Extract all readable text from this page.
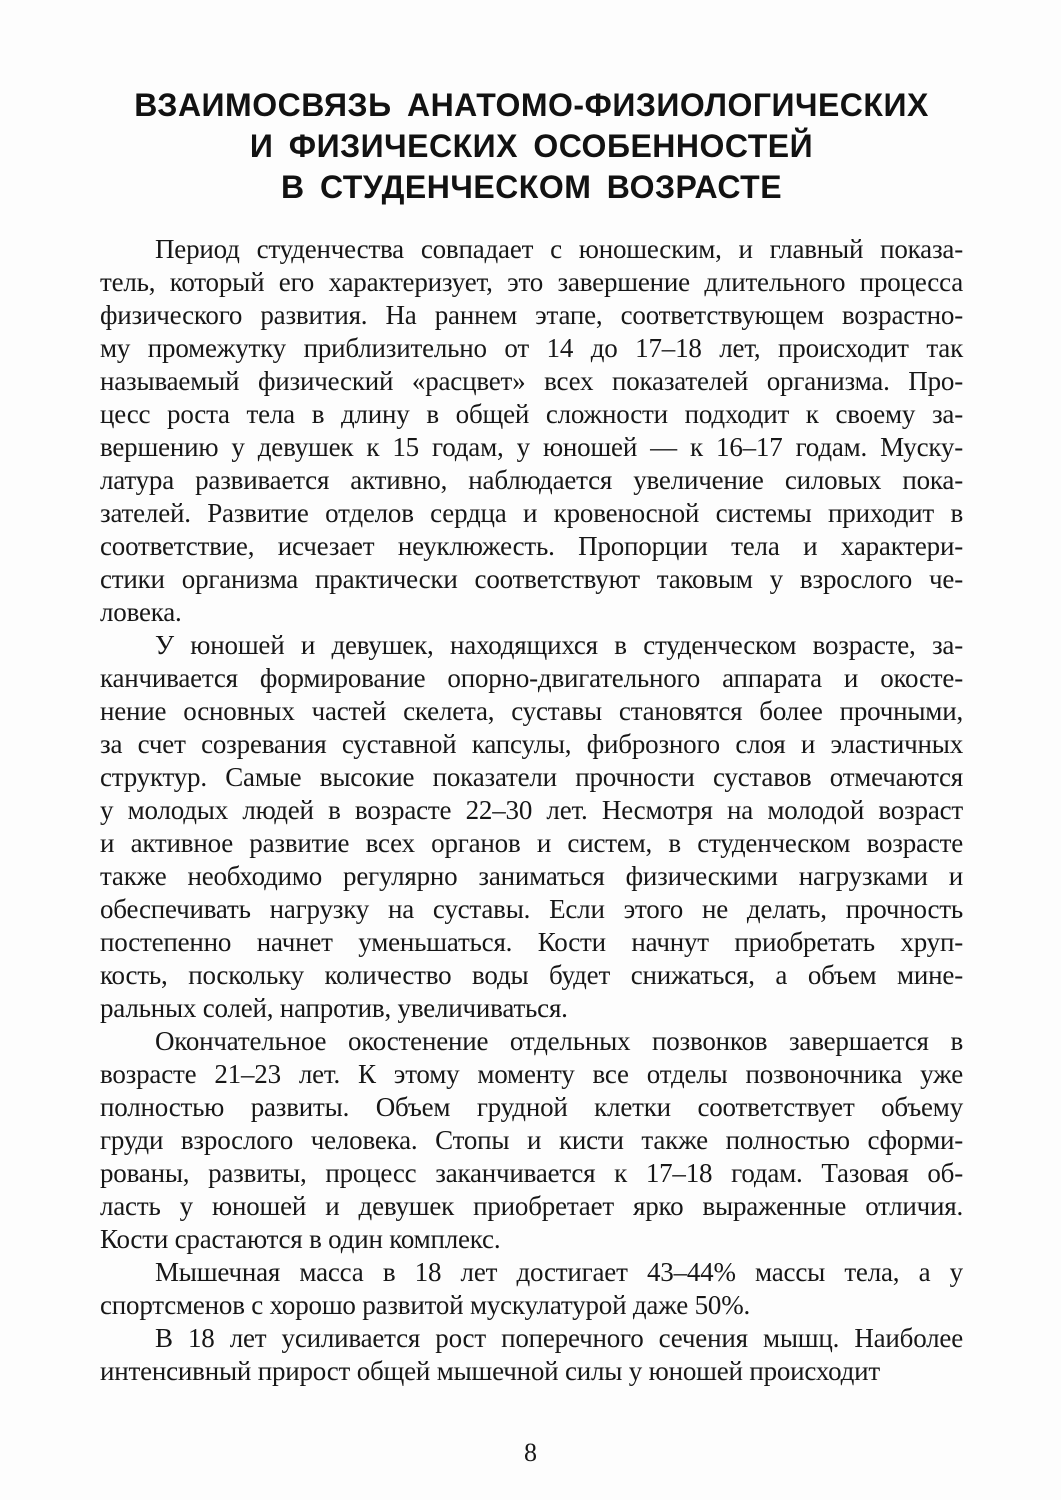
ВЗАИМОСВЯЗЬ АНАТОМО-ФИЗИОЛОГИЧЕСКИХ
И ФИЗИЧЕСКИХ ОСОБЕННОСТЕЙ
В СТУДЕНЧЕСКОМ ВОЗРАСТЕ

Период студенчества совпадает с юношеским, и главный показа-
тель, который его характеризует, это завершение длительного процесса
физического развития. На раннем этапе, соответствующем возрастно-
му промежутку приблизительно от 14 до 17–18 лет, происходит так
называемый физический «расцвет» всех показателей организма. Про-
цесс роста тела в длину в общей сложности подходит к своему за-
вершению у девушек к 15 годам, у юношей — к 16–17 годам. Муску-
латура развивается активно, наблюдается увеличение силовых пока-
зателей. Развитие отделов сердца и кровеносной системы приходит в
соответствие, исчезает неуклюжесть. Пропорции тела и характери-
стики организма практически соответствуют таковым у взрослого че-
ловека.

У юношей и девушек, находящихся в студенческом возрасте, за-
канчивается формирование опорно-двигательного аппарата и окосте-
нение основных частей скелета, суставы становятся более прочными,
за счет созревания суставной капсулы, фиброзного слоя и эластичных
структур. Самые высокие показатели прочности суставов отмечаются
у молодых людей в возрасте 22–30 лет. Несмотря на молодой возраст
и активное развитие всех органов и систем, в студенческом возрасте
также необходимо регулярно заниматься физическими нагрузками и
обеспечивать нагрузку на суставы. Если этого не делать, прочность
постепенно начнет уменьшаться. Кости начнут приобретать хруп-
кость, поскольку количество воды будет снижаться, а объем мине-
ральных солей, напротив, увеличиваться.

Окончательное окостенение отдельных позвонков завершается в
возрасте 21–23 лет. К этому моменту все отделы позвоночника уже
полностью развиты. Объем грудной клетки соответствует объему
груди взрослого человека. Стопы и кисти также полностью сформи-
рованы, развиты, процесс заканчивается к 17–18 годам. Тазовая об-
ласть у юношей и девушек приобретает ярко выраженные отличия.
Кости срастаются в один комплекс.

Мышечная масса в 18 лет достигает 43–44% массы тела, а у
спортсменов с хорошо развитой мускулатурой даже 50%.

В 18 лет усиливается рост поперечного сечения мышц. Наиболее
интенсивный прирост общей мышечной силы у юношей происходит

8
